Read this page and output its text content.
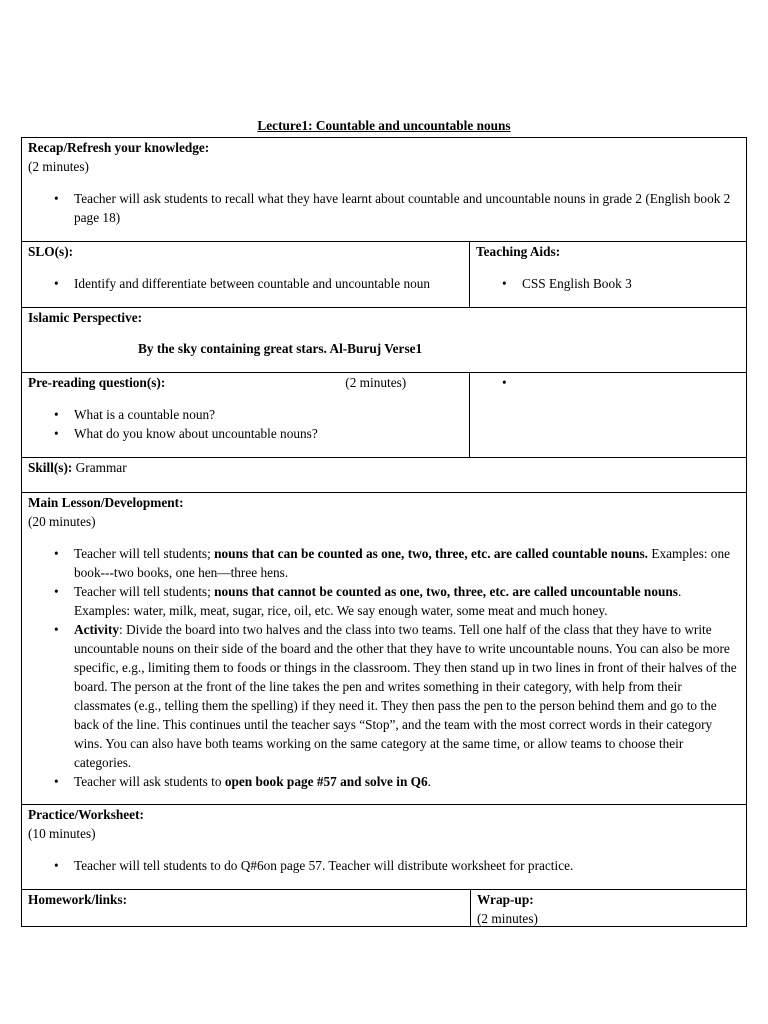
Lecture1: Countable and uncountable nouns
Recap/Refresh your knowledge:
(2 minutes)
• Teacher will ask students to recall what they have learnt about countable and uncountable nouns in grade 2 (English book 2 page 18)
SLO(s):
• Identify and differentiate between countable and uncountable noun
Teaching Aids:
• CSS English Book 3
Islamic Perspective:
By the sky containing great stars. Al-Buruj Verse1
Pre-reading question(s):	(2 minutes)
• What is a countable noun?
• What do you know about uncountable nouns?
Skill(s): Grammar
Main Lesson/Development:
(20 minutes)
• Teacher will tell students; nouns that can be counted as one, two, three, etc. are called countable nouns. Examples: one book---two books, one hen—three hens.
• Teacher will tell students; nouns that cannot be counted as one, two, three, etc. are called uncountable nouns. Examples: water, milk, meat, sugar, rice, oil, etc. We say enough water, some meat and much honey.
• Activity: Divide the board into two halves and the class into two teams. Tell one half of the class that they have to write uncountable nouns on their side of the board and the other that they have to write uncountable nouns. You can also be more specific, e.g., limiting them to foods or things in the classroom. They then stand up in two lines in front of their halves of the board. The person at the front of the line takes the pen and writes something in their category, with help from their classmates (e.g., telling them the spelling) if they need it. They then pass the pen to the person behind them and go to the back of the line. This continues until the teacher says “Stop”, and the team with the most correct words in their category wins. You can also have both teams working on the same category at the same time, or allow teams to choose their categories.
• Teacher will ask students to open book page #57 and solve in Q6.
Practice/Worksheet:
(10 minutes)
• Teacher will tell students to do Q#6on page 57. Teacher will distribute worksheet for practice.
Homework/links:	Wrap-up:
(2 minutes)
